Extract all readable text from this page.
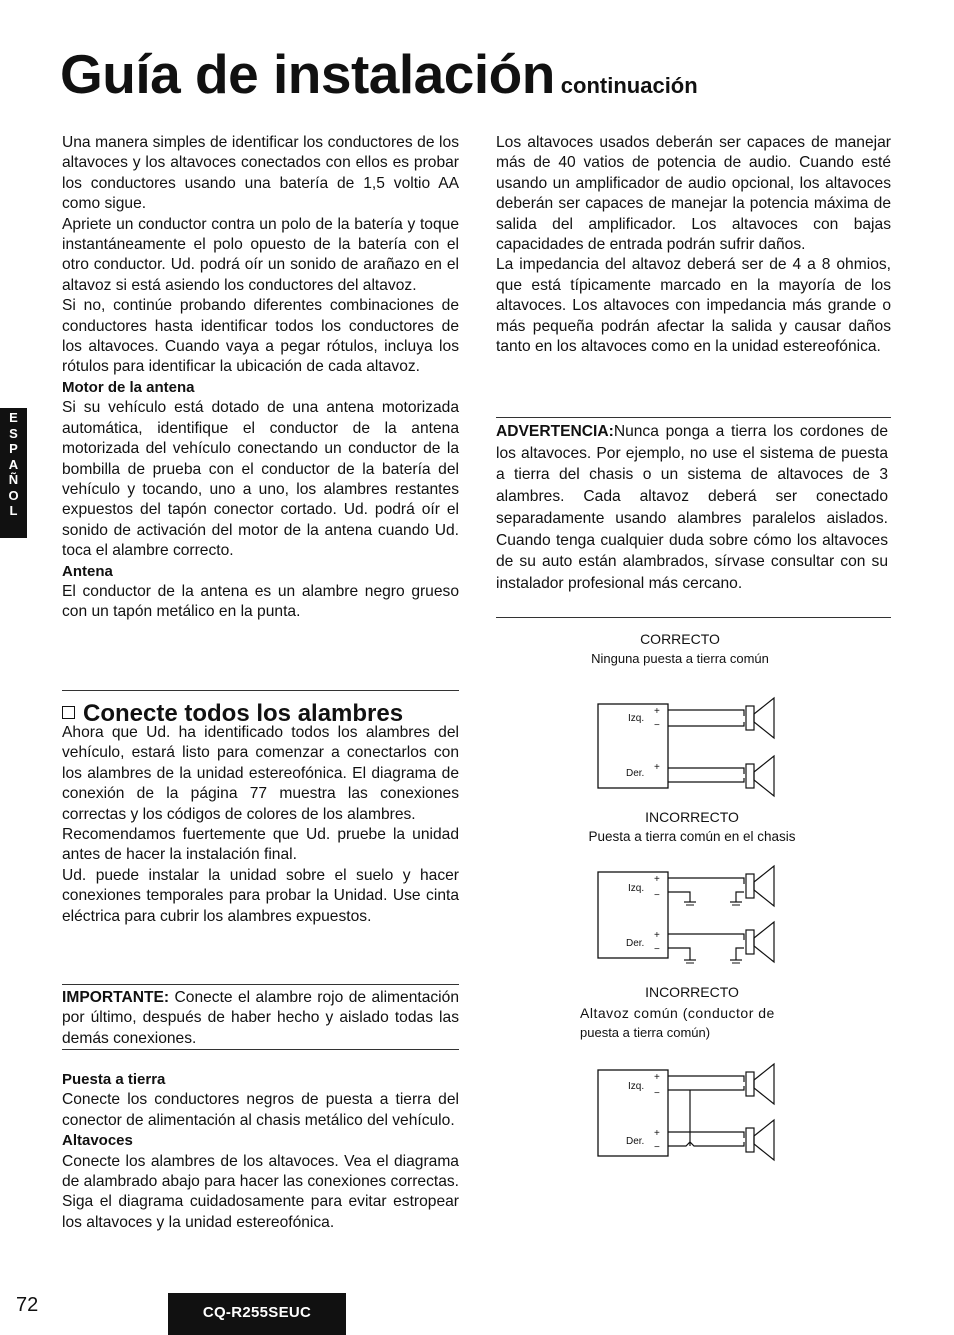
Guía de instalación continuación
E
S
P
A
Ñ
O
L

Una manera simples de identificar los conductores de los altavoces y los altavoces conectados con ellos es probar los conductores usando una batería de 1,5 voltio AA como sigue.

Apriete un conductor contra un polo de la batería y toque instantáneamente el polo opuesto de la batería con el otro conductor. Ud. podrá oír un sonido de arañazo en el altavoz si está asiendo los conductores del altavoz.

Si no, continúe probando diferentes combinaciones de conductores hasta identificar todos los conductores de los altavoces. Cuando vaya a pegar rótulos, incluya los rótulos para identificar la ubicación de cada altavoz.

Motor de la antena

Si su vehículo está dotado de una antena motorizada automática, identifique el conductor de la antena motorizada del vehículo conectando un conductor de la bombilla de prueba con el conductor de la batería del vehículo y tocando, uno a uno, los alambres restantes expuestos del tapón conector cortado. Ud. podrá oír el sonido de activación del motor de la antena cuando Ud. toca el alambre correcto.

Antena

El conductor de la antena es un alambre negro grueso con un tapón metálico en la punta.

Conecte todos los alambres

Ahora que Ud. ha identificado todos los alambres del vehículo, estará listo para comenzar a conectarlos con los alambres de la unidad estereofónica. El diagrama de conexión de la página 77 muestra las conexiones correctas y los códigos de colores de los alambres.

Recomendamos fuertemente que Ud. pruebe la unidad antes de hacer la instalación final.

Ud. puede instalar la unidad sobre el suelo y hacer conexiones temporales para probar la Unidad. Use cinta eléctrica para cubrir los alambres expuestos.

IMPORTANTE: Conecte el alambre rojo de alimentación por último, después de haber hecho y aislado todas las demás conexiones.

Puesta a tierra

Conecte los conductores negros de puesta a tierra del conector de alimentación al chasis metálico del vehículo.

Altavoces

Conecte los alambres de los altavoces. Vea el diagrama de alambrado abajo para hacer las conexiones correctas. Siga el diagrama cuidadosamente para evitar estropear los altavoces y la unidad estereofónica.

Los altavoces usados deberán ser capaces de manejar más de 40 vatios de potencia de audio. Cuando esté usando un amplificador de audio opcional, los altavoces deberán ser capaces de manejar la potencia máxima de salida del amplificador. Los altavoces con bajas capacidades de entrada podrán sufrir daños.

La impedancia del altavoz deberá ser de 4 a 8 ohmios, que está típicamente marcado en la mayoría de los altavoces. Los altavoces con impedancia más grande o más pequeña podrán afectar la salida y causar daños tanto en los altavoces como en la unidad estereofónica.

ADVERTENCIA:Nunca ponga a tierra los cordones de los altavoces. Por ejemplo, no use el sistema de puesta a tierra del chasis o un sistema de altavoces de 3 alambres. Cada altavoz deberá ser conectado separadamente usando alambres paralelos aislados. Cuando tenga cualquier duda sobre cómo los altavoces de su auto están alambrados, sírvase consultar con su instalador profesional más cercano.

CORRECTO
Ninguna puesta a tierra común
Izq.
+
−
Der.
+
INCORRECTO
Puesta a tierra común en el chasis
Izq.
+
−
Der.
+
−
INCORRECTO
Altavoz común (conductor de
puesta a tierra común)
Izq.
+
−
Der.
+
−
72	CQ-R255SEUC
